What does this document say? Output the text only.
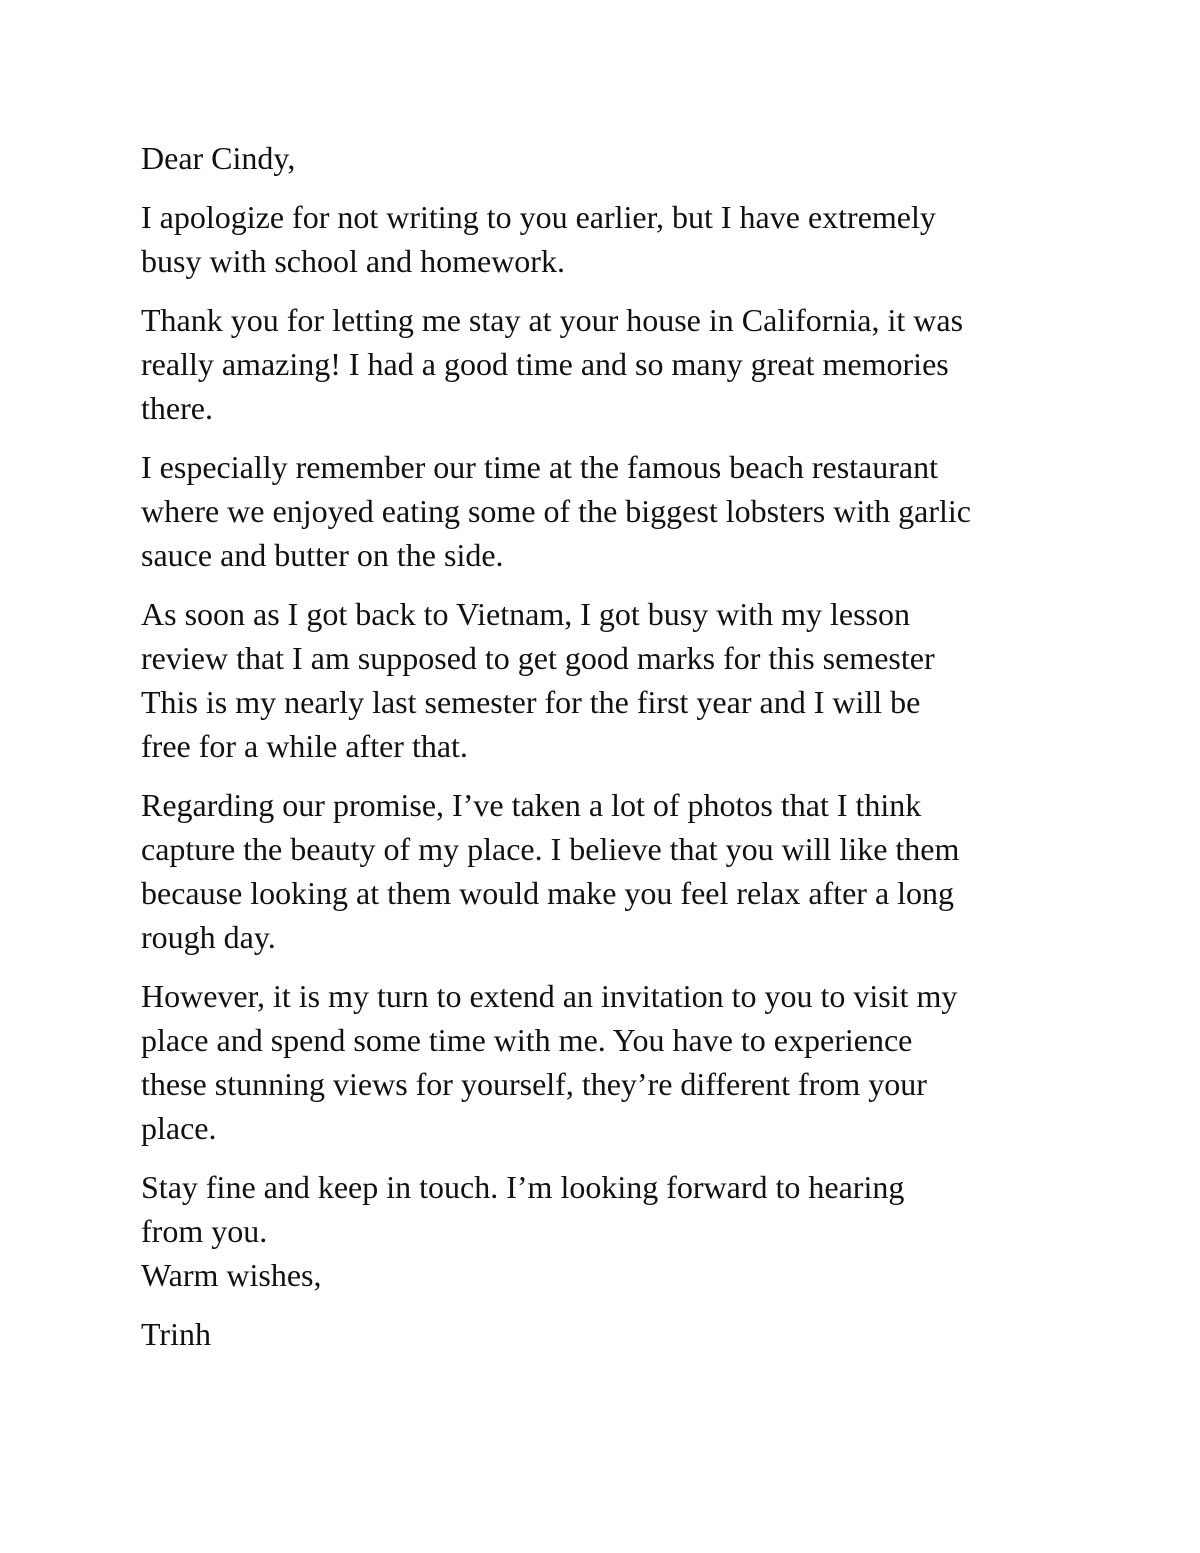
Dear Cindy,

I apologize for not writing to you earlier, but I have extremely
busy with school and homework.

Thank you for letting me stay at your house in California, it was
really amazing! I had a good time and so many great memories
there.

I especially remember our time at the famous beach restaurant
where we enjoyed eating some of the biggest lobsters with garlic
sauce and butter on the side.

As soon as I got back to Vietnam, I got busy with my lesson
review that I am supposed to get good marks for this semester
This is my nearly last semester for the first year and I will be
free for a while after that.

Regarding our promise, I’ve taken a lot of photos that I think
capture the beauty of my place. I believe that you will like them
because looking at them would make you feel relax after a long
rough day.

However, it is my turn to extend an invitation to you to visit my
place and spend some time with me. You have to experience
these stunning views for yourself, they’re different from your
place.

Stay fine and keep in touch. I’m looking forward to hearing
from you.

Warm wishes,

Trinh
